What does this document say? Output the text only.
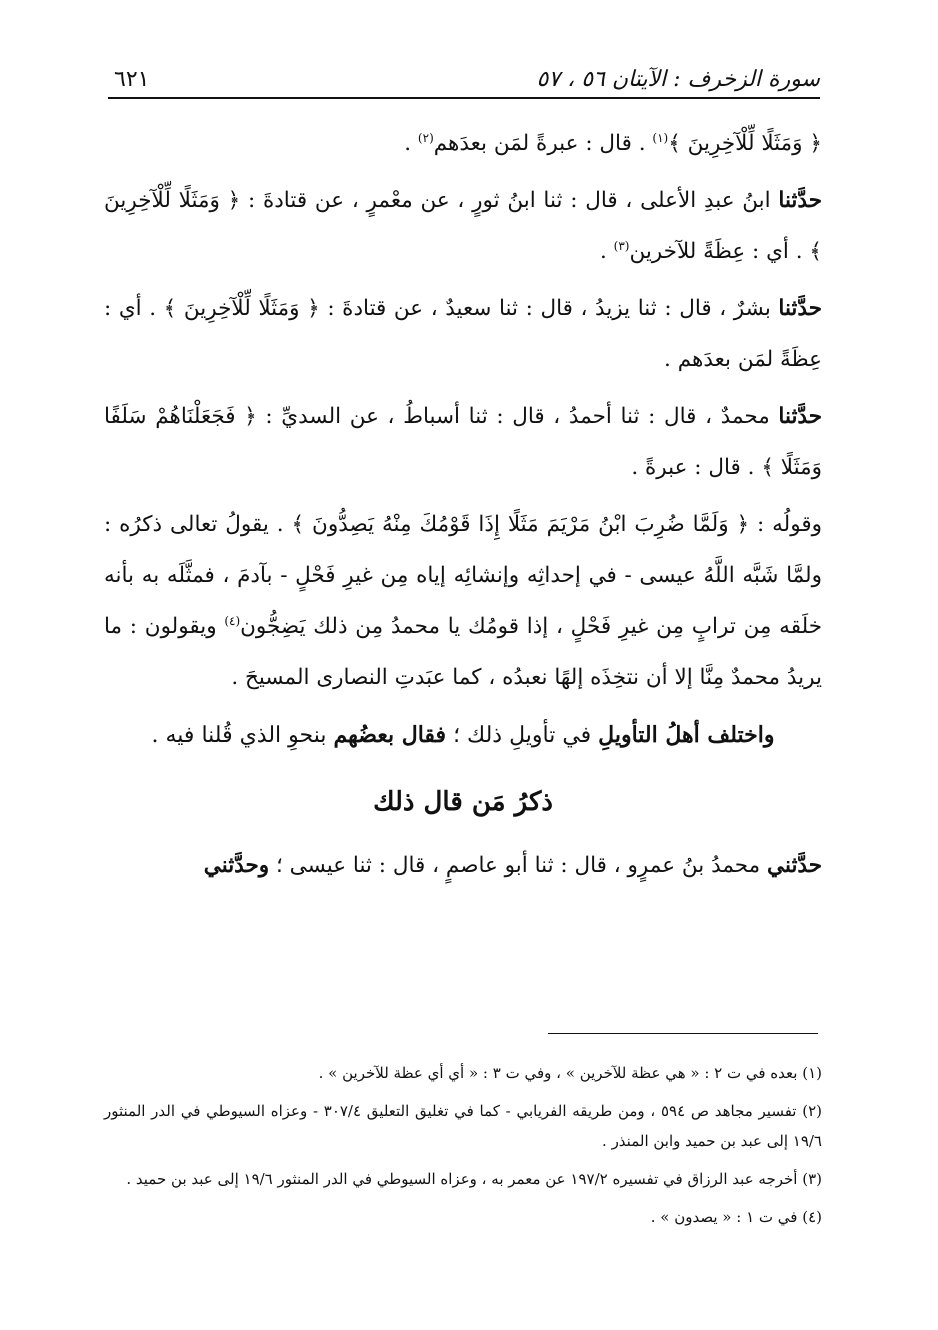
سورة الزخرف : الآيتان ٥٦ ، ٥٧
٦٢١

﴿ وَمَثَلًا لِّلْآخِرِينَ ﴾$^{(١)}$ . قال : عبرةً لمَن بعدَهم$^{(٢)}$ .

حدَّثنا ابنُ عبدِ الأعلى ، قال : ثنا ابنُ ثورٍ ، عن معْمرٍ ، عن قتادةَ : ﴿ وَمَثَلًا لِّلْآخِرِينَ ﴾ . أي : عِظَةً للآخرين$^{(٣)}$ .

حدَّثنا بشرٌ ، قال : ثنا يزيدُ ، قال : ثنا سعيدٌ ، عن قتادةَ : ﴿ وَمَثَلًا لِّلْآخِرِينَ ﴾ . أي : عِظَةً لمَن بعدَهم .

حدَّثنا محمدٌ ، قال : ثنا أحمدُ ، قال : ثنا أسباطُ ، عن السديِّ : ﴿ فَجَعَلْنَاهُمْ سَلَفًا وَمَثَلًا ﴾ . قال : عبرةً .

وقولُه : ﴿ وَلَمَّا ضُرِبَ ابْنُ مَرْيَمَ مَثَلًا إِذَا قَوْمُكَ مِنْهُ يَصِدُّونَ ﴾ . يقولُ تعالى ذكرُه : ولمَّا شَبَّه اللَّهُ عيسى - في إحداثِه وإنشائِه إياه مِن غيرِ فَحْلٍ - بآدمَ ، فمثَّلَه به بأنه خلَقه مِن ترابٍ مِن غيرِ فَحْلٍ ، إذا قومُك يا محمدُ مِن ذلك يَضِجُّون$^{(٤)}$ ويقولون : ما يريدُ محمدٌ مِنَّا إلا أن نتخِذَه إلهًا نعبدُه ، كما عبَدتِ النصارى المسيحَ .

واختلف أهلُ التأويلِ في تأويلِ ذلك ؛ فقال بعضُهم بنحوِ الذي قُلنا فيه .

ذكرُ مَن قال ذلك

حدَّثني محمدُ بنُ عمرٍو ، قال : ثنا أبو عاصمٍ ، قال : ثنا عيسى ؛ وحدَّثني

(١) بعده في ت ٢ : « هي عظة للآخرين » ، وفي ت ٣ : « أي أي عظة للآخرين » .

(٢) تفسير مجاهد ص ٥٩٤ ، ومن طريقه الفريابي - كما في تغليق التعليق ٣٠٧/٤ - وعزاه السيوطي في الدر المنثور ١٩/٦ إلى عبد بن حميد وابن المنذر .

(٣) أخرجه عبد الرزاق في تفسيره ١٩٧/٢ عن معمر به ، وعزاه السيوطي في الدر المنثور ١٩/٦ إلى عبد بن حميد .

(٤) في ت ١ : « يصدون » .
